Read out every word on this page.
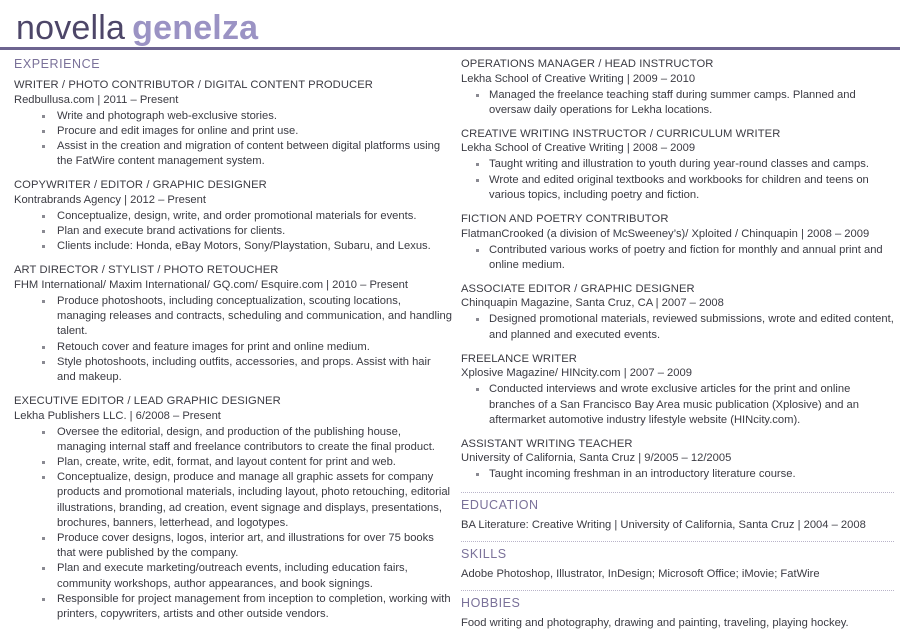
novella genelza
EXPERIENCE
WRITER / PHOTO CONTRIBUTOR / DIGITAL CONTENT PRODUCER
Redbullusa.com | 2011 – Present
Write and photograph web-exclusive stories.
Procure and edit images for online and print use.
Assist in the creation and migration of content between digital platforms using the FatWire content management system.
COPYWRITER / EDITOR / GRAPHIC DESIGNER
Kontrabrands Agency | 2012 – Present
Conceptualize, design, write, and order promotional materials for events.
Plan and execute brand activations for clients.
Clients include: Honda, eBay Motors, Sony/Playstation, Subaru, and Lexus.
ART DIRECTOR / STYLIST / PHOTO RETOUCHER
FHM International/ Maxim International/ GQ.com/ Esquire.com | 2010 – Present
Produce photoshoots, including conceptualization, scouting locations, managing releases and contracts, scheduling and communication, and handling talent.
Retouch cover and feature images for print and online medium.
Style photoshoots, including outfits, accessories, and props. Assist with hair and makeup.
EXECUTIVE EDITOR / LEAD GRAPHIC DESIGNER
Lekha Publishers LLC. | 6/2008 – Present
Oversee the editorial, design, and production of the publishing house, managing internal staff and freelance contributors to create the final product.
Plan, create, write, edit, format, and layout content for print and web.
Conceptualize, design, produce and manage all graphic assets for company products and promotional materials, including layout, photo retouching, editorial illustrations, branding, ad creation, event signage and displays, presentations, brochures, banners, letterhead, and logotypes.
Produce cover designs, logos, interior art, and illustrations for over 75 books that were published by the company.
Plan and execute marketing/outreach events, including education fairs, community workshops, author appearances, and book signings.
Responsible for project management from inception to completion, working with printers, copywriters, artists and other outside vendors.
OPERATIONS MANAGER / HEAD INSTRUCTOR
Lekha School of Creative Writing | 2009 – 2010
Managed the freelance teaching staff during summer camps. Planned and oversaw daily operations for Lekha locations.
CREATIVE WRITING INSTRUCTOR / CURRICULUM WRITER
Lekha School of Creative Writing | 2008 – 2009
Taught writing and illustration to youth during year-round classes and camps.
Wrote and edited original textbooks and workbooks for children and teens on various topics, including poetry and fiction.
FICTION AND POETRY CONTRIBUTOR
FlatmanCrooked (a division of McSweeney’s)/ Xploited / Chinquapin | 2008 – 2009
Contributed various works of poetry and fiction for monthly and annual print and online medium.
ASSOCIATE EDITOR / GRAPHIC DESIGNER
Chinquapin Magazine, Santa Cruz, CA | 2007 – 2008
Designed promotional materials, reviewed submissions, wrote and edited content, and planned and executed events.
FREELANCE WRITER
Xplosive Magazine/ HINcity.com | 2007 – 2009
Conducted interviews and wrote exclusive articles for the print and online branches of a San Francisco Bay Area music publication (Xplosive) and an aftermarket automotive industry lifestyle website (HINcity.com).
ASSISTANT WRITING TEACHER
University of California, Santa Cruz | 9/2005 – 12/2005
Taught incoming freshman in an introductory literature course.
EDUCATION
BA Literature: Creative Writing | University of California, Santa Cruz | 2004 – 2008
SKILLS
Adobe Photoshop, Illustrator, InDesign; Microsoft Office; iMovie; FatWire
HOBBIES
Food writing and photography, drawing and painting, traveling, playing hockey.
